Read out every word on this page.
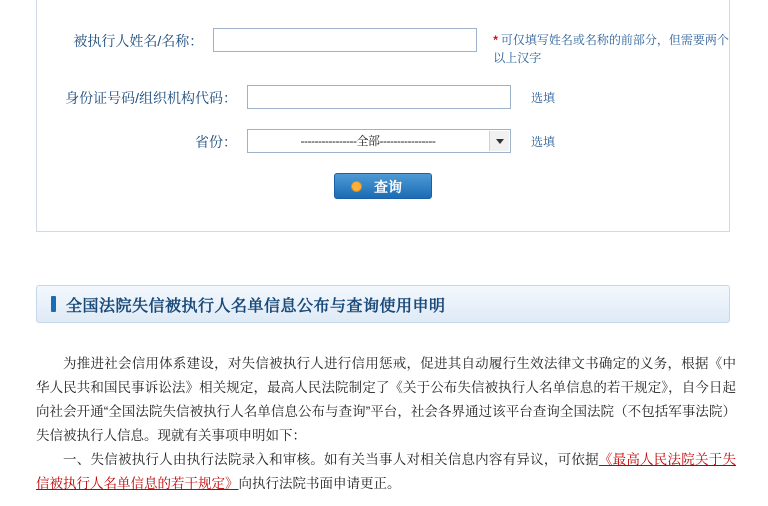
被执行人姓名/名称：	* 可仅填写姓名或名称的前部分，但需要两个以上汉字
身份证号码/组织机构代码：	选填
省份：	----------------全部----------------	选填
查询
全国法院失信被执行人名单信息公布与查询使用申明

为推进社会信用体系建设，对失信被执行人进行信用惩戒，促进其自动履行生效法律文书确定的义务，根据《中华人民共和国民事诉讼法》相关规定，最高人民法院制定了《关于公布失信被执行人名单信息的若干规定》，自今日起向社会开通“全国法院失信被执行人名单信息公布与查询”平台，社会各界通过该平台查询全国法院（不包括军事法院）失信被执行人信息。现就有关事项申明如下：

一、失信被执行人由执行法院录入和审核。如有关当事人对相关信息内容有异议，可依据《最高人民法院关于失信被执行人名单信息的若干规定》向执行法院书面申请更正。
